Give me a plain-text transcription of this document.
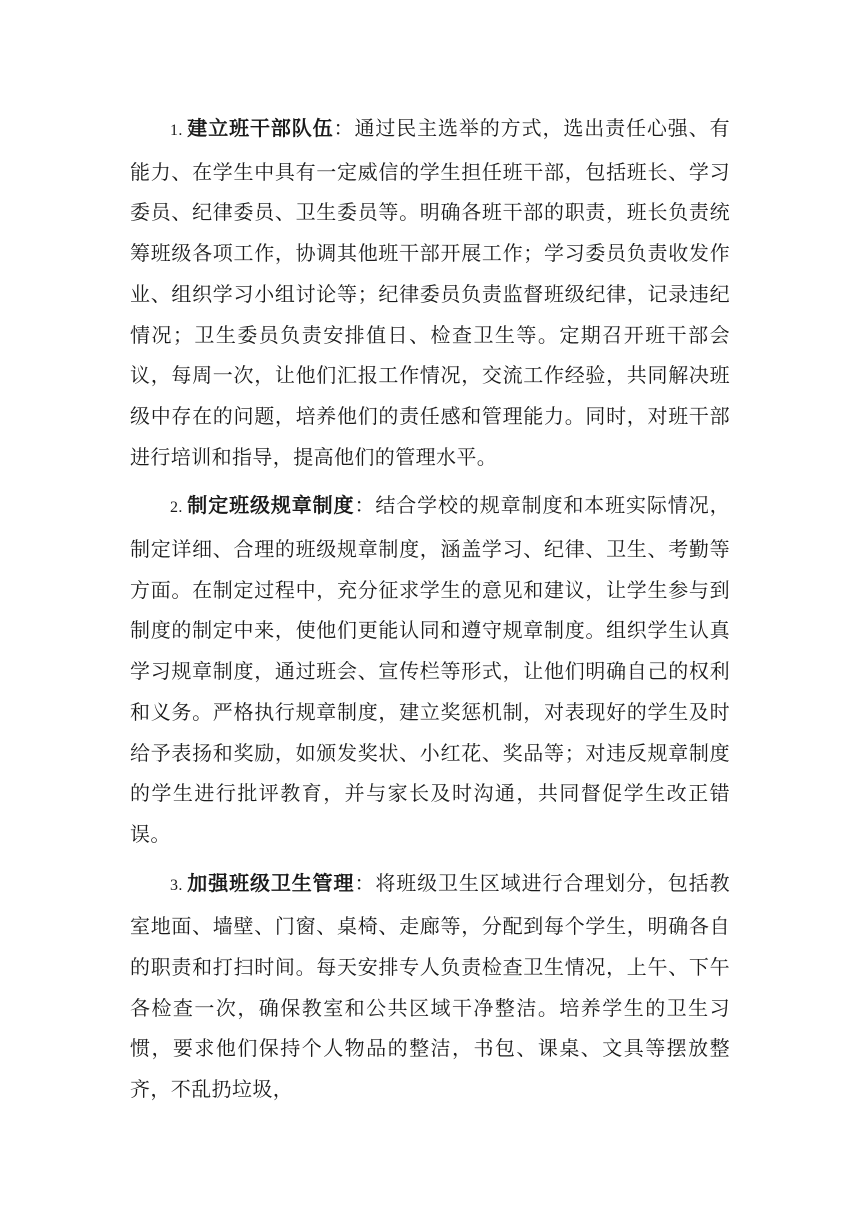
1. 建立班干部队伍：通过民主选举的方式，选出责任心强、有能力、在学生中具有一定威信的学生担任班干部，包括班长、学习委员、纪律委员、卫生委员等。明确各班干部的职责，班长负责统筹班级各项工作，协调其他班干部开展工作；学习委员负责收发作业、组织学习小组讨论等；纪律委员负责监督班级纪律，记录违纪情况；卫生委员负责安排值日、检查卫生等。定期召开班干部会议，每周一次，让他们汇报工作情况，交流工作经验，共同解决班级中存在的问题，培养他们的责任感和管理能力。同时，对班干部进行培训和指导，提高他们的管理水平。

2. 制定班级规章制度：结合学校的规章制度和本班实际情况，制定详细、合理的班级规章制度，涵盖学习、纪律、卫生、考勤等方面。在制定过程中，充分征求学生的意见和建议，让学生参与到制度的制定中来，使他们更能认同和遵守规章制度。组织学生认真学习规章制度，通过班会、宣传栏等形式，让他们明确自己的权利和义务。严格执行规章制度，建立奖惩机制，对表现好的学生及时给予表扬和奖励，如颁发奖状、小红花、奖品等；对违反规章制度的学生进行批评教育，并与家长及时沟通，共同督促学生改正错误。

3. 加强班级卫生管理：将班级卫生区域进行合理划分，包括教室地面、墙壁、门窗、桌椅、走廊等，分配到每个学生，明确各自的职责和打扫时间。每天安排专人负责检查卫生情况，上午、下午各检查一次，确保教室和公共区域干净整洁。培养学生的卫生习惯，要求他们保持个人物品的整洁，书包、课桌、文具等摆放整齐，不乱扔垃圾，
